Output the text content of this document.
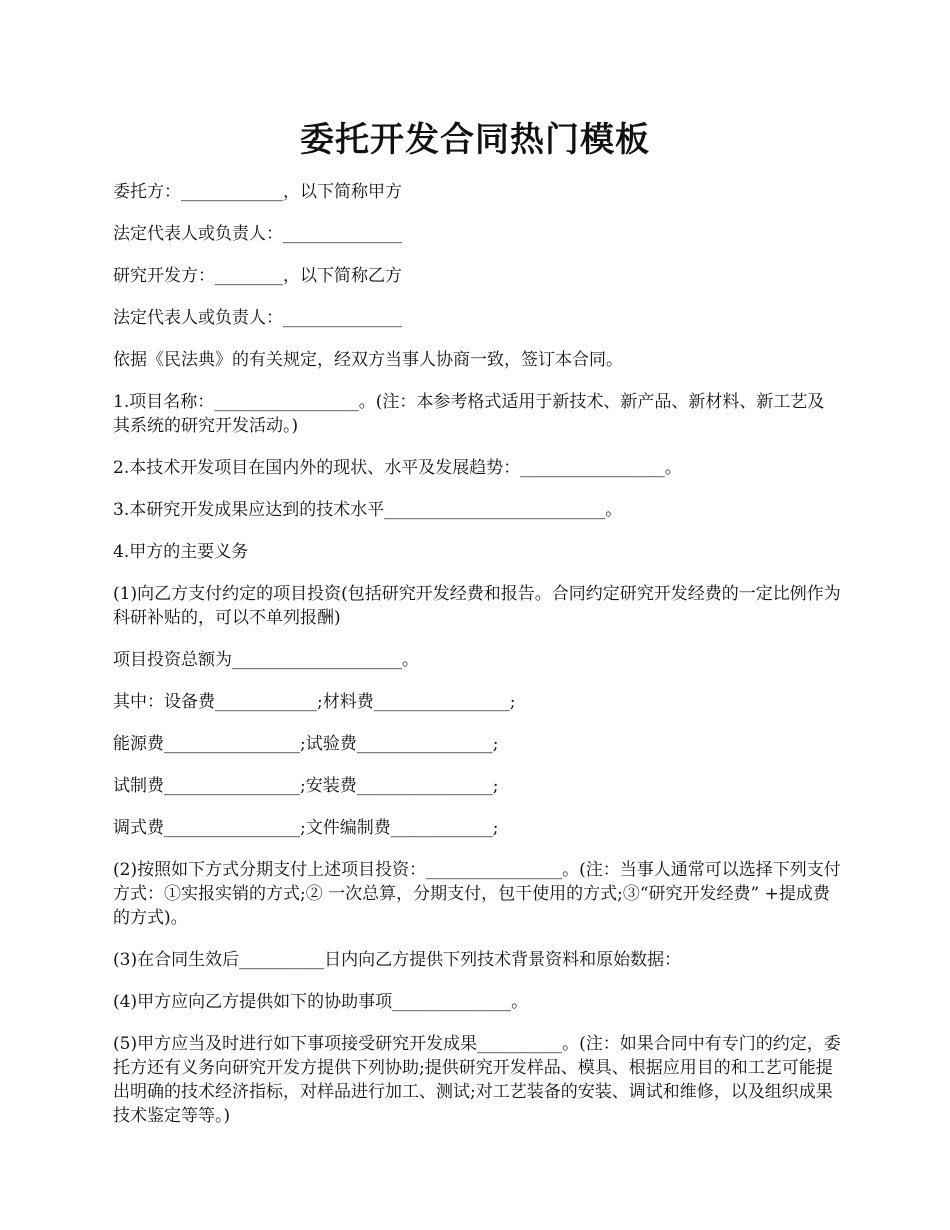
委托开发合同热门模板

委托方：____________，以下简称甲方

法定代表人或负责人：______________

研究开发方：________，以下简称乙方

法定代表人或负责人：______________

依据《民法典》的有关规定，经双方当事人协商一致，签订本合同。

1.项目名称：_________________。(注：本参考格式适用于新技术、新产品、新材料、新工艺及其系统的研究开发活动。)

2.本技术开发项目在国内外的现状、水平及发展趋势：_________________。

3.本研究开发成果应达到的技术水平__________________________。

4.甲方的主要义务

(1)向乙方支付约定的项目投资(包括研究开发经费和报告。合同约定研究开发经费的一定比例作为科研补贴的，可以不单列报酬)

项目投资总额为____________________。

其中：设备费____________;材料费________________;

能源费________________;试验费________________;

试制费________________;安装费________________;

调式费________________;文件编制费____________;

(2)按照如下方式分期支付上述项目投资：________________。(注：当事人通常可以选择下列支付方式：①实报实销的方式;② 一次总算，分期支付，包干使用的方式;③“研究开发经费” +提成费的方式)。

(3)在合同生效后__________日内向乙方提供下列技术背景资料和原始数据：

(4)甲方应向乙方提供如下的协助事项______________。

(5)甲方应当及时进行如下事项接受研究开发成果__________。(注：如果合同中有专门的约定，委托方还有义务向研究开发方提供下列协助;提供研究开发样品、模具、根据应用目的和工艺可能提出明确的技术经济指标，对样品进行加工、测试;对工艺装备的安装、调试和维修，以及组织成果技术鉴定等等。)
